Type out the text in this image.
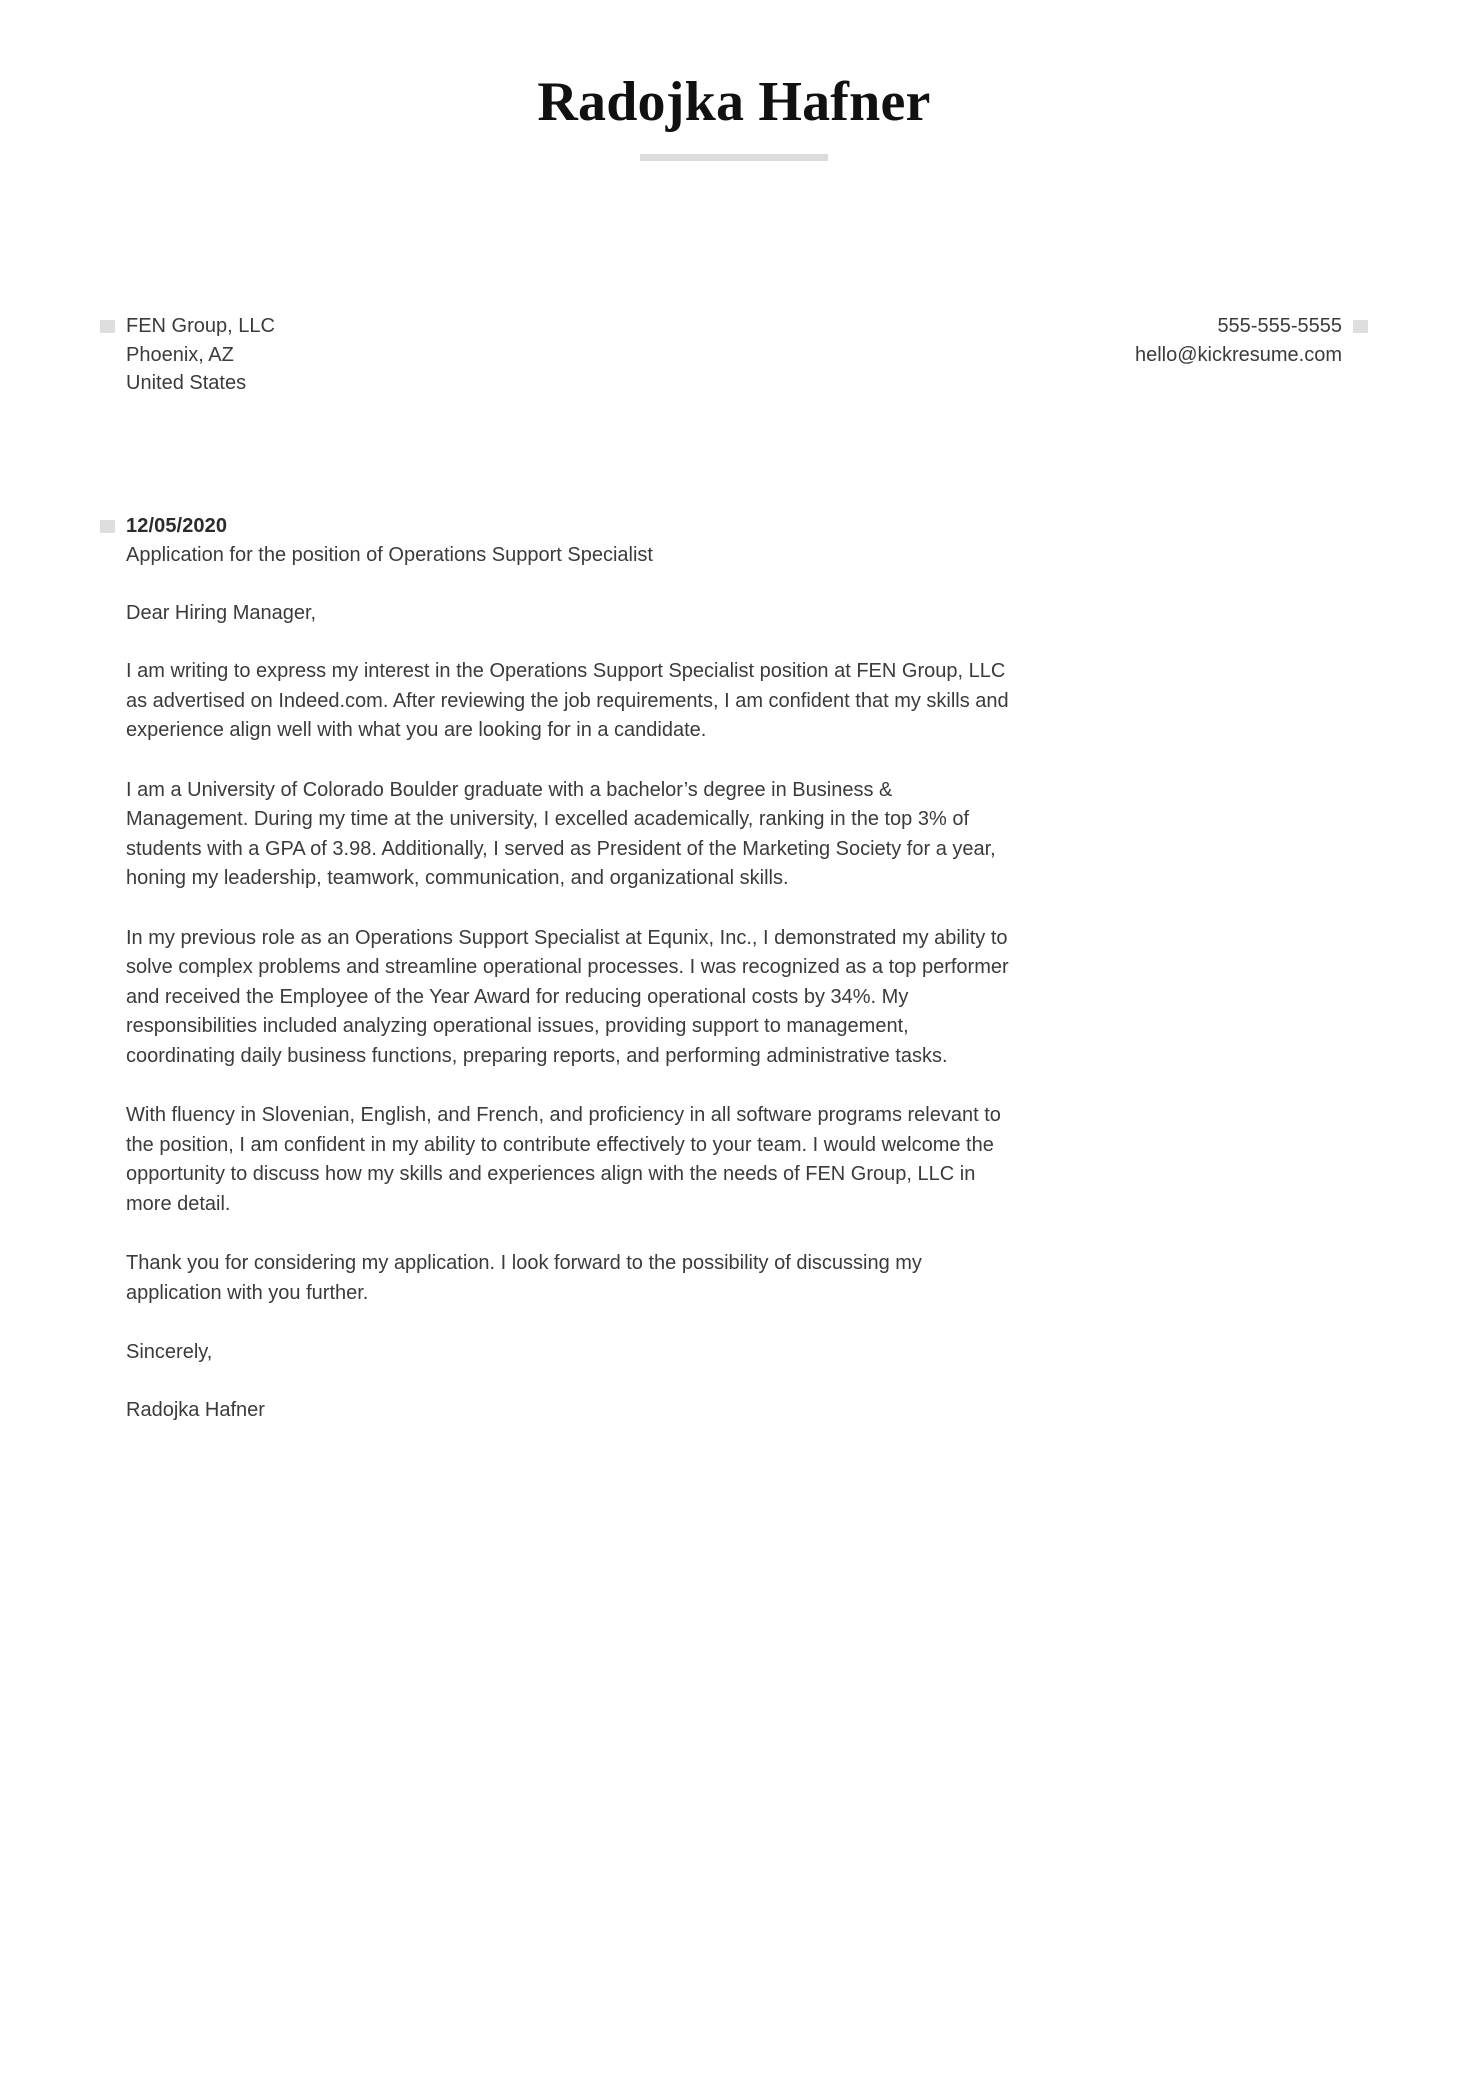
Radojka Hafner
FEN Group, LLC
Phoenix, AZ
United States
555-555-5555
hello@kickresume.com
12/05/2020

Application for the position of Operations Support Specialist

Dear Hiring Manager,

I am writing to express my interest in the Operations Support Specialist position at FEN Group, LLC as advertised on Indeed.com. After reviewing the job requirements, I am confident that my skills and experience align well with what you are looking for in a candidate.

I am a University of Colorado Boulder graduate with a bachelor’s degree in Business & Management. During my time at the university, I excelled academically, ranking in the top 3% of students with a GPA of 3.98. Additionally, I served as President of the Marketing Society for a year, honing my leadership, teamwork, communication, and organizational skills.

In my previous role as an Operations Support Specialist at Equnix, Inc., I demonstrated my ability to solve complex problems and streamline operational processes. I was recognized as a top performer and received the Employee of the Year Award for reducing operational costs by 34%. My responsibilities included analyzing operational issues, providing support to management, coordinating daily business functions, preparing reports, and performing administrative tasks.

With fluency in Slovenian, English, and French, and proficiency in all software programs relevant to the position, I am confident in my ability to contribute effectively to your team. I would welcome the opportunity to discuss how my skills and experiences align with the needs of FEN Group, LLC in more detail.

Thank you for considering my application. I look forward to the possibility of discussing my application with you further.

Sincerely,

Radojka Hafner
